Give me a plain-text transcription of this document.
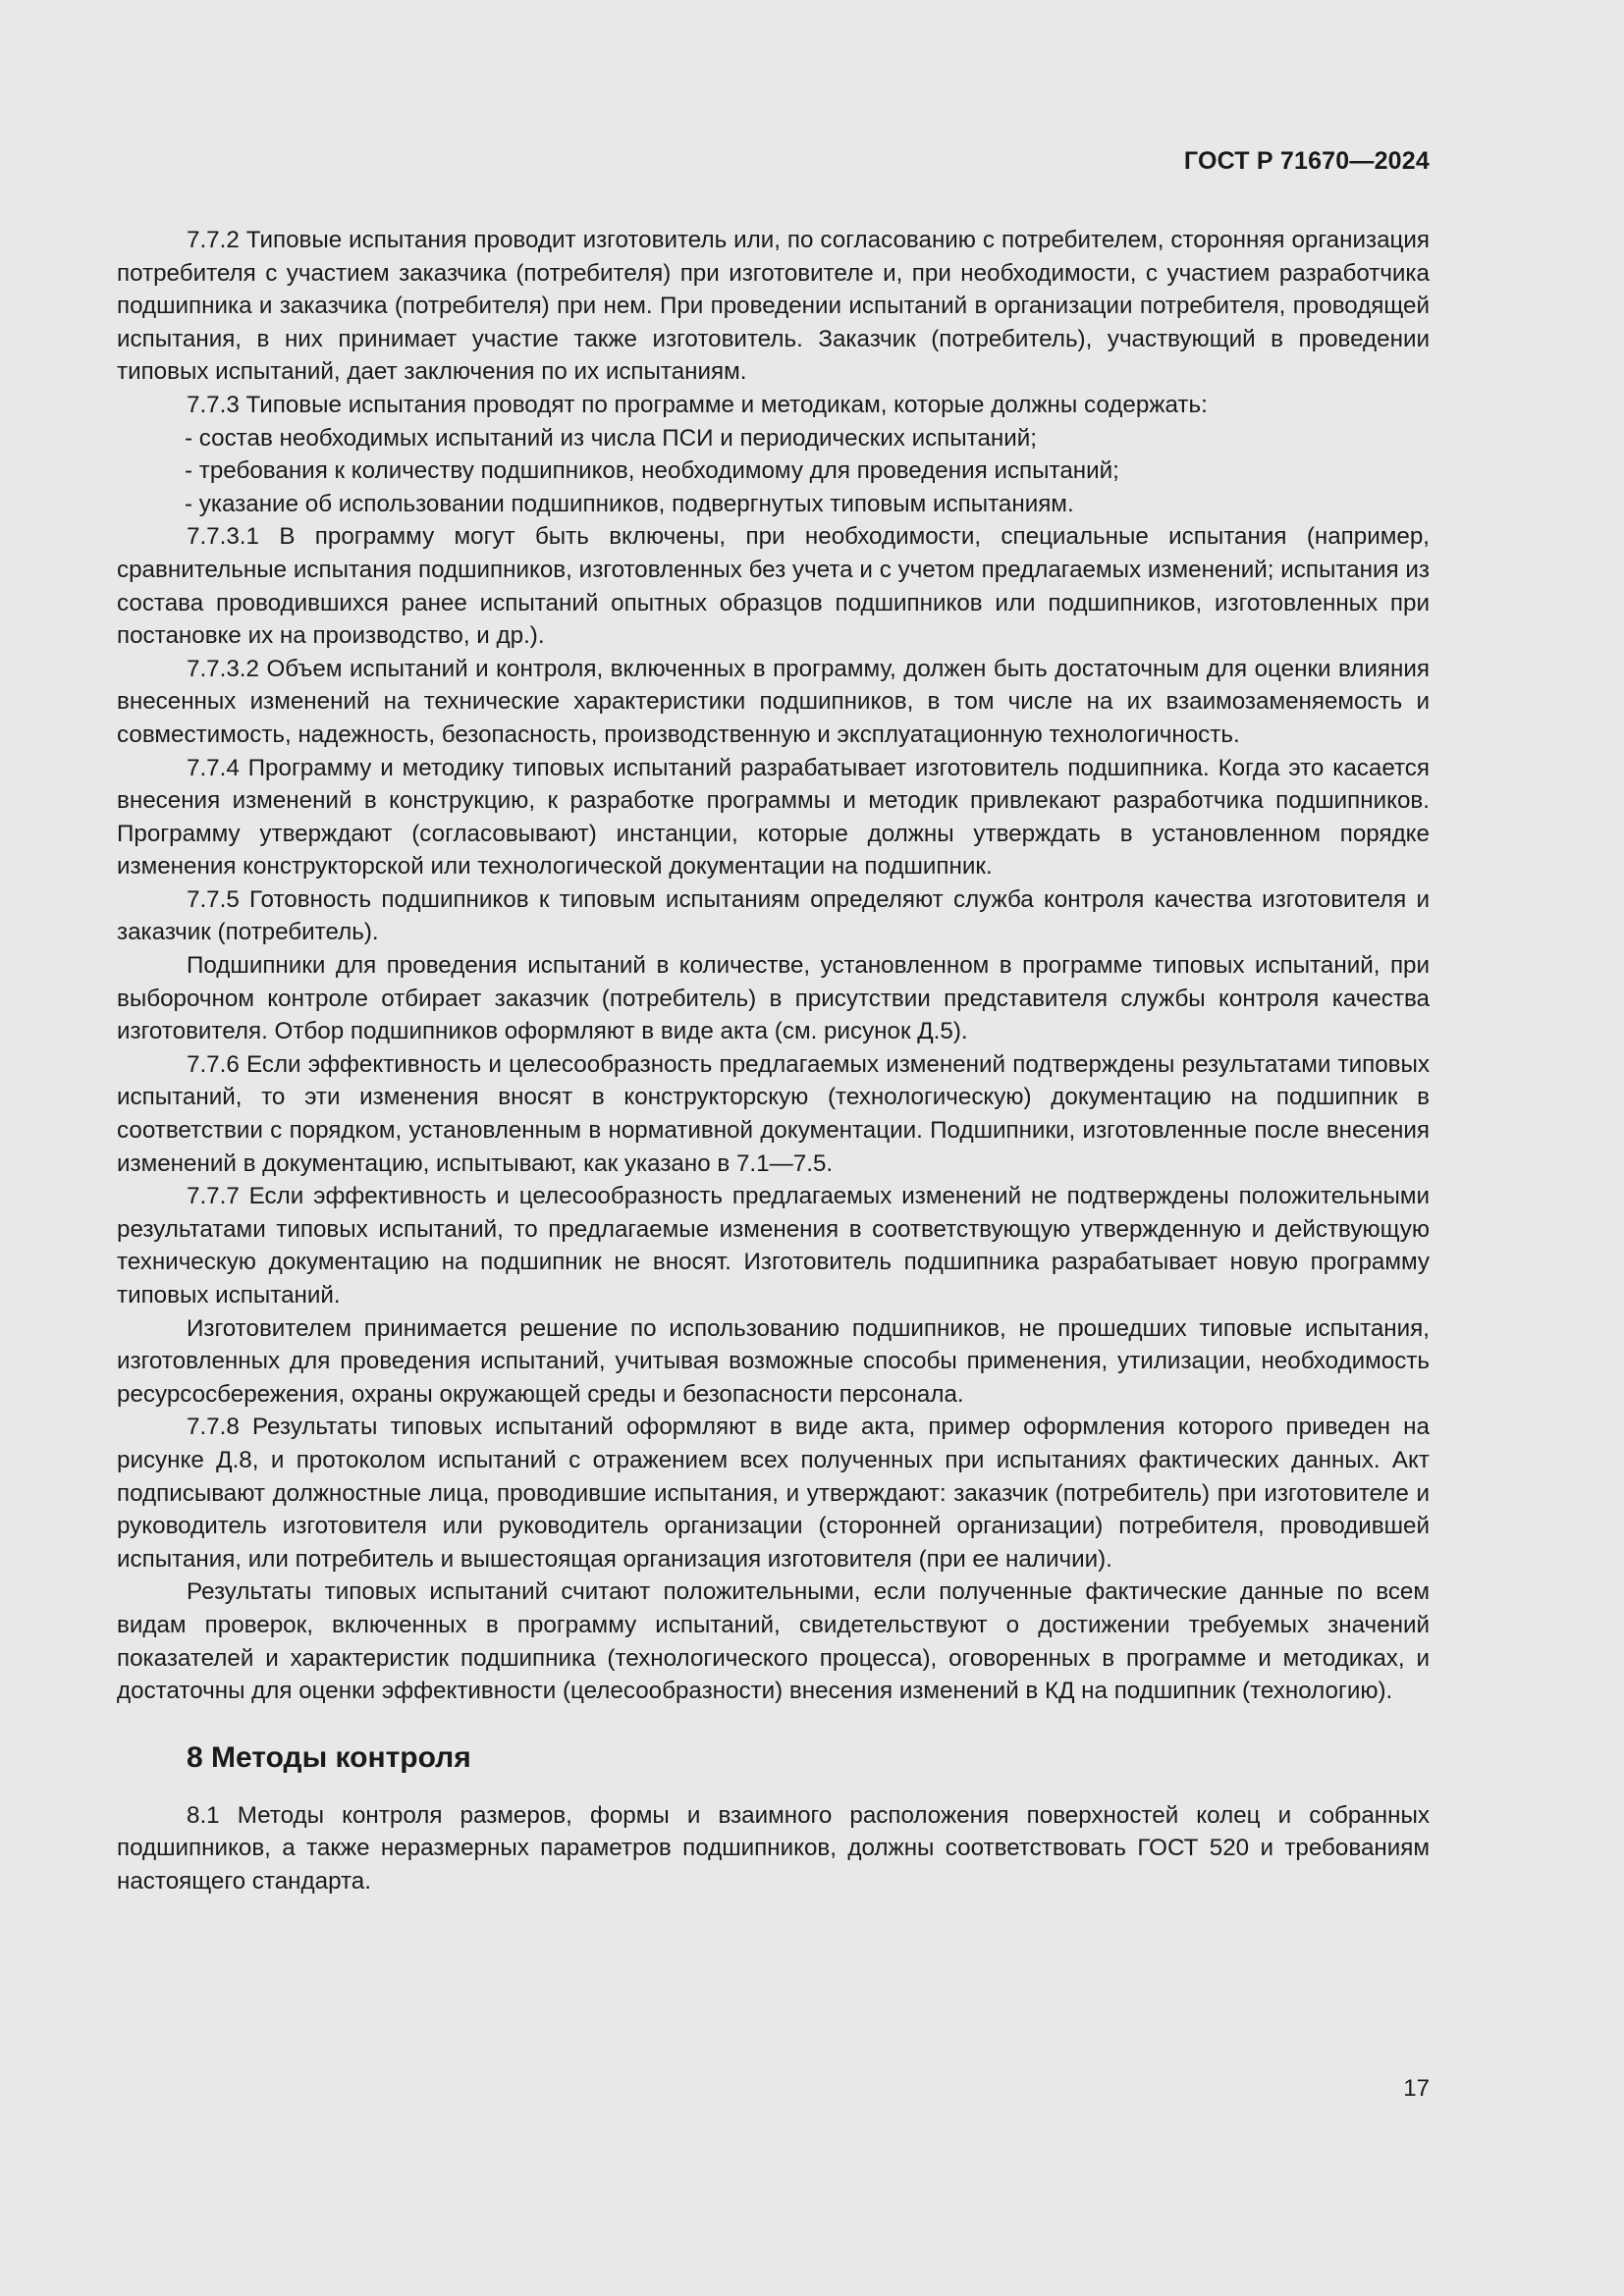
ГОСТ Р 71670—2024

7.7.2 Типовые испытания проводит изготовитель или, по согласованию с потребителем, сторонняя организация потребителя с участием заказчика (потребителя) при изготовителе и, при необходимости, с участием разработчика подшипника и заказчика (потребителя) при нем. При проведении испытаний в организации потребителя, проводящей испытания, в них принимает участие также изготовитель. Заказчик (потребитель), участвующий в проведении типовых испытаний, дает заключения по их испытаниям.

7.7.3 Типовые испытания проводят по программе и методикам, которые должны содержать:

- состав необходимых испытаний из числа ПСИ и периодических испытаний;

- требования к количеству подшипников, необходимому для проведения испытаний;

- указание об использовании подшипников, подвергнутых типовым испытаниям.

7.7.3.1 В программу могут быть включены, при необходимости, специальные испытания (например, сравнительные испытания подшипников, изготовленных без учета и с учетом предлагаемых изменений; испытания из состава проводившихся ранее испытаний опытных образцов подшипников или подшипников, изготовленных при постановке их на производство, и др.).

7.7.3.2 Объем испытаний и контроля, включенных в программу, должен быть достаточным для оценки влияния внесенных изменений на технические характеристики подшипников, в том числе на их взаимозаменяемость и совместимость, надежность, безопасность, производственную и эксплуатационную технологичность.

7.7.4 Программу и методику типовых испытаний разрабатывает изготовитель подшипника. Когда это касается внесения изменений в конструкцию, к разработке программы и методик привлекают разработчика подшипников. Программу утверждают (согласовывают) инстанции, которые должны утверждать в установленном порядке изменения конструкторской или технологической документации на подшипник.

7.7.5 Готовность подшипников к типовым испытаниям определяют служба контроля качества изготовителя и заказчик (потребитель).

Подшипники для проведения испытаний в количестве, установленном в программе типовых испытаний, при выборочном контроле отбирает заказчик (потребитель) в присутствии представителя службы контроля качества изготовителя. Отбор подшипников оформляют в виде акта (см. рисунок Д.5).

7.7.6 Если эффективность и целесообразность предлагаемых изменений подтверждены результатами типовых испытаний, то эти изменения вносят в конструкторскую (технологическую) документацию на подшипник в соответствии с порядком, установленным в нормативной документации. Подшипники, изготовленные после внесения изменений в документацию, испытывают, как указано в 7.1—7.5.

7.7.7 Если эффективность и целесообразность предлагаемых изменений не подтверждены положительными результатами типовых испытаний, то предлагаемые изменения в соответствующую утвержденную и действующую техническую документацию на подшипник не вносят. Изготовитель подшипника разрабатывает новую программу типовых испытаний.

Изготовителем принимается решение по использованию подшипников, не прошедших типовые испытания, изготовленных для проведения испытаний, учитывая возможные способы применения, утилизации, необходимость ресурсосбережения, охраны окружающей среды и безопасности персонала.

7.7.8 Результаты типовых испытаний оформляют в виде акта, пример оформления которого приведен на рисунке Д.8, и протоколом испытаний с отражением всех полученных при испытаниях фактических данных. Акт подписывают должностные лица, проводившие испытания, и утверждают: заказчик (потребитель) при изготовителе и руководитель изготовителя или руководитель организации (сторонней организации) потребителя, проводившей испытания, или потребитель и вышестоящая организация изготовителя (при ее наличии).

Результаты типовых испытаний считают положительными, если полученные фактические данные по всем видам проверок, включенных в программу испытаний, свидетельствуют о достижении требуемых значений показателей и характеристик подшипника (технологического процесса), оговоренных в программе и методиках, и достаточны для оценки эффективности (целесообразности) внесения изменений в КД на подшипник (технологию).

8 Методы контроля

8.1 Методы контроля размеров, формы и взаимного расположения поверхностей колец и собранных подшипников, а также неразмерных параметров подшипников, должны соответствовать ГОСТ 520 и требованиям настоящего стандарта.

17
